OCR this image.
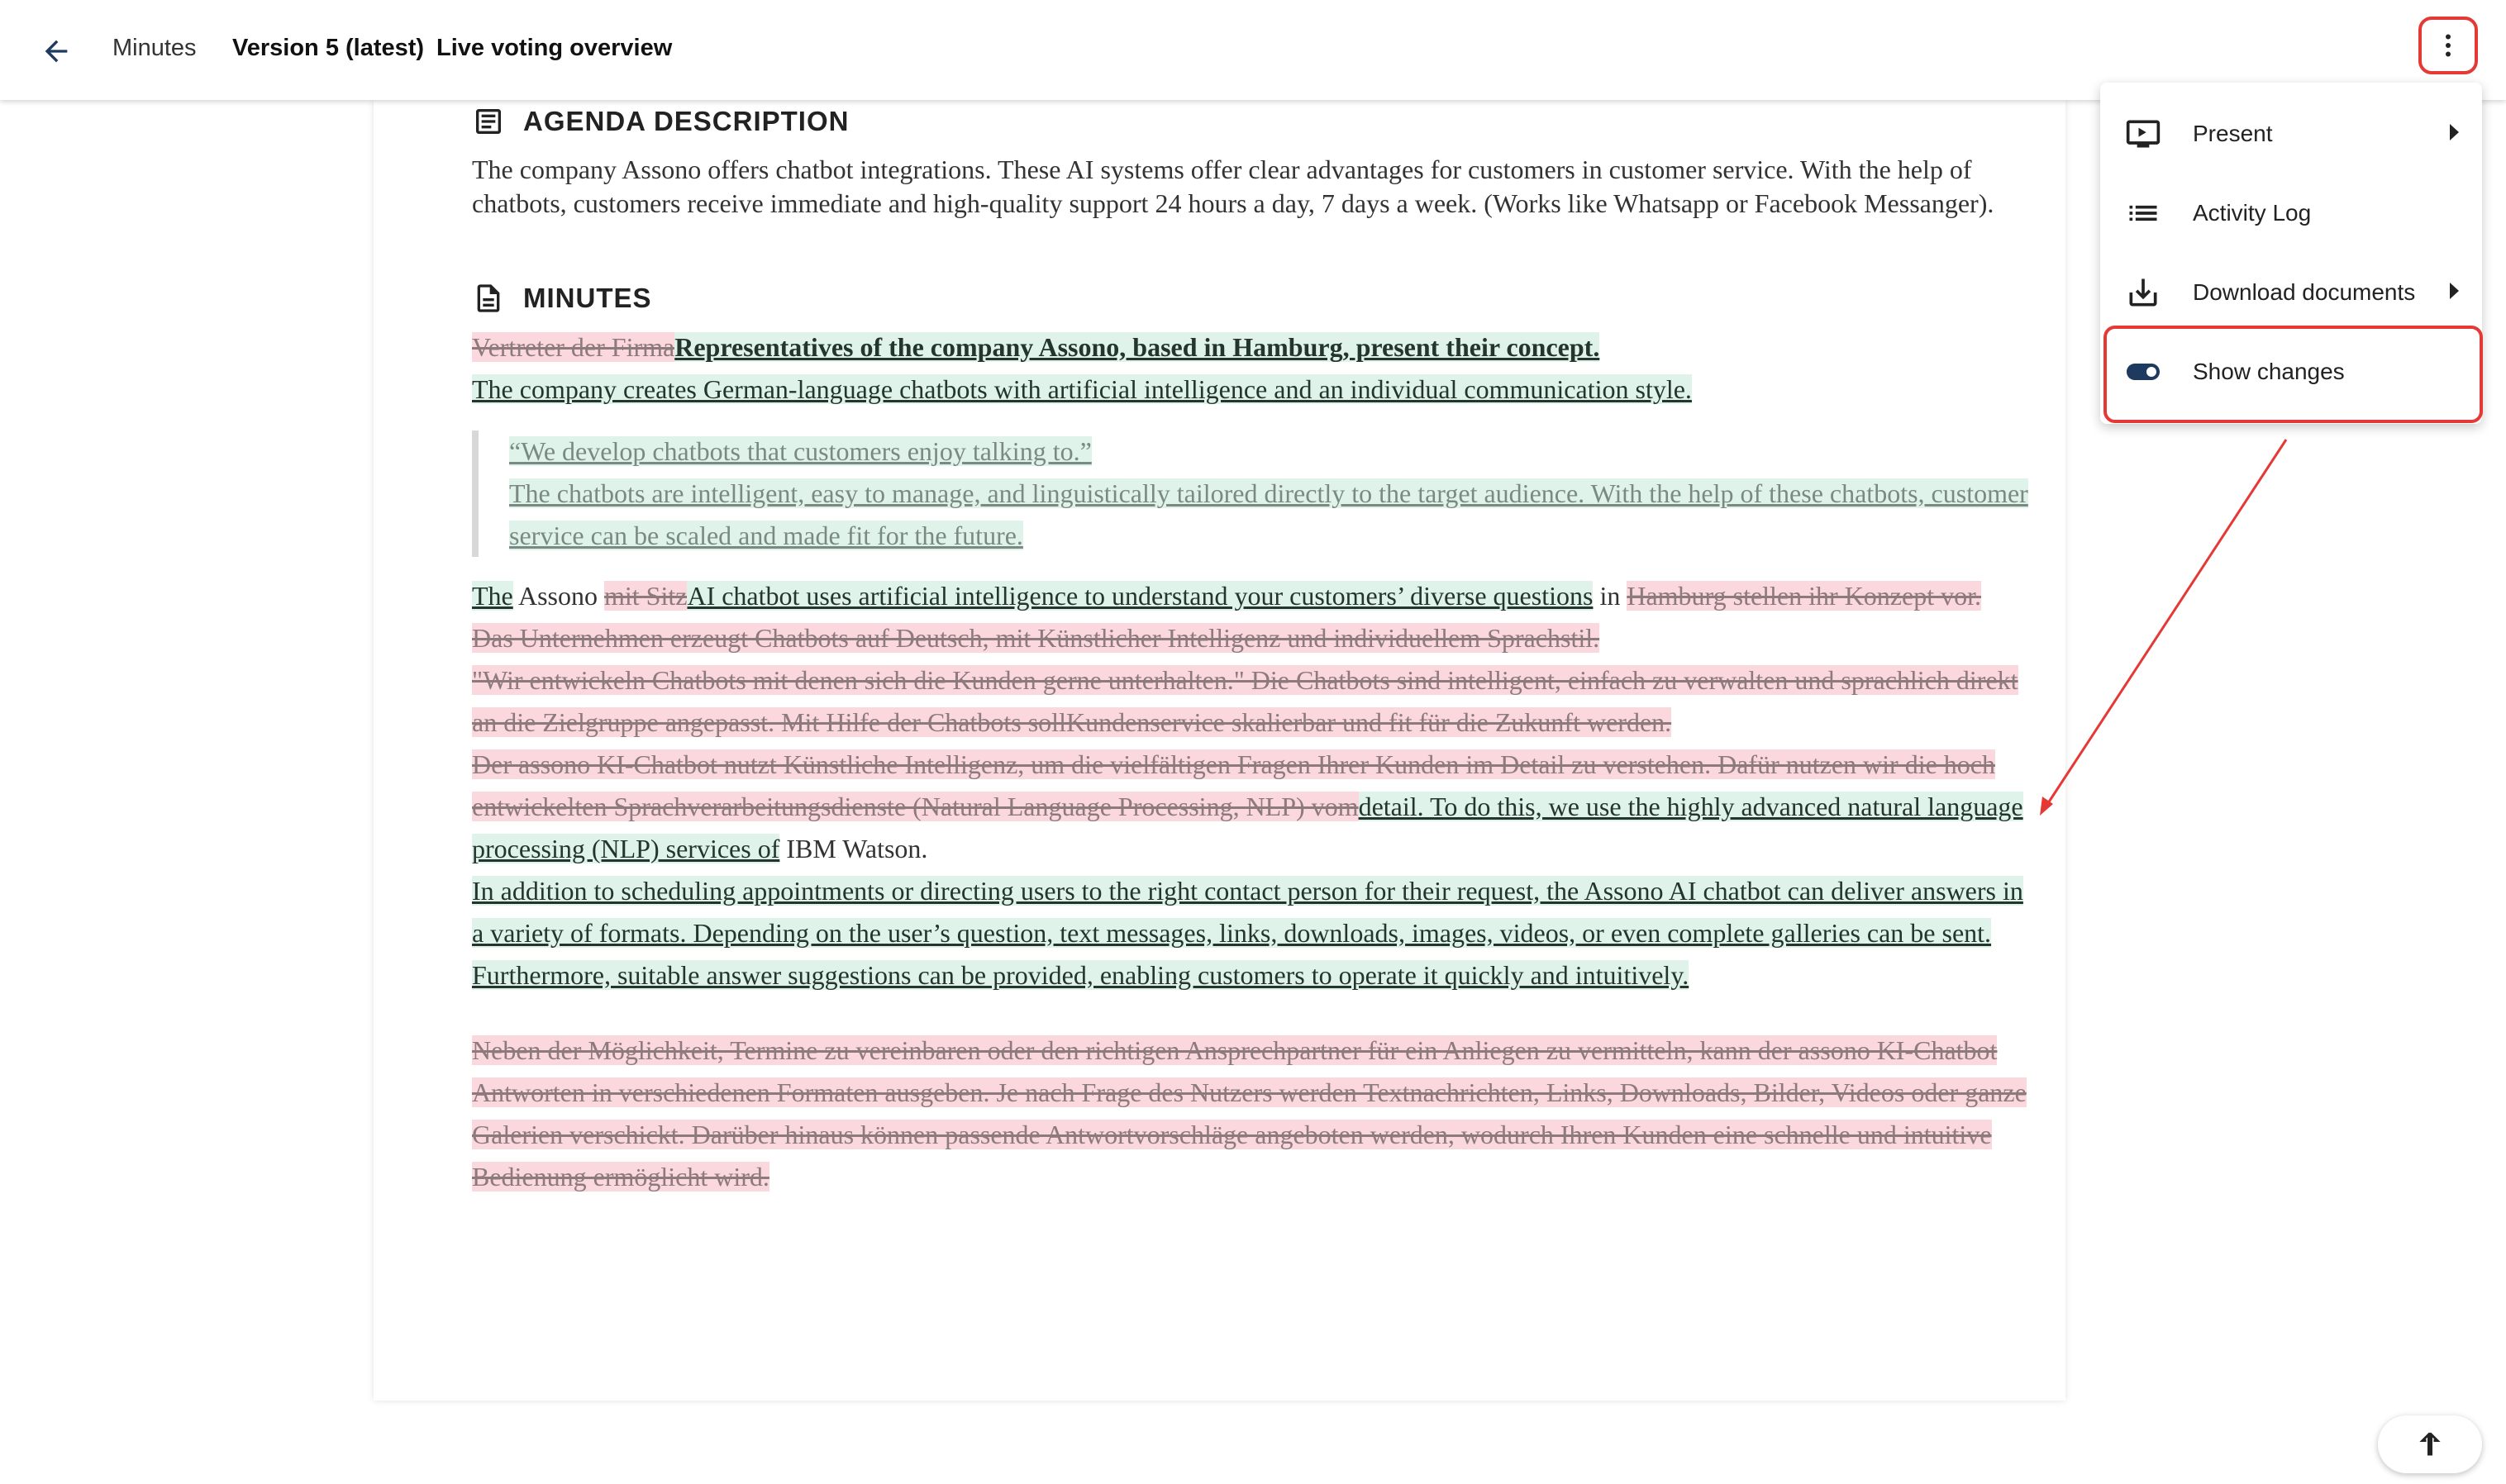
Minutes Version 5 (latest) Live voting overview
AGENDA DESCRIPTION

The company Assono offers chatbot integrations. These AI systems offer clear advantages for customers in customer service. With the help of chatbots, customers receive immediate and high-quality support 24 hours a day, 7 days a week. (Works like Whatsapp or Facebook Messanger).

MINUTES

Vertreter der FirmaRepresentatives of the company Assono, based in Hamburg, present their concept.

The company creates German-language chatbots with artificial intelligence and an individual communication style.

“We develop chatbots that customers enjoy talking to.”
The chatbots are intelligent, easy to manage, and linguistically tailored directly to the target audience. With the help of these chatbots, customer service can be scaled and made fit for the future.

The Assono mit SitzAI chatbot uses artificial intelligence to understand your customers’ diverse questions in Hamburg stellen ihr Konzept vor.
Das Unternehmen erzeugt Chatbots auf Deutsch, mit Künstlicher Intelligenz und individuellem Sprachstil.
"Wir entwickeln Chatbots mit denen sich die Kunden gerne unterhalten." Die Chatbots sind intelligent, einfach zu verwalten und sprachlich direkt an die Zielgruppe angepasst. Mit Hilfe der Chatbots sollKundenservice skalierbar und fit für die Zukunft werden.
Der assono KI-Chatbot nutzt Künstliche Intelligenz, um die vielfältigen Fragen Ihrer Kunden im Detail zu verstehen. Dafür nutzen wir die hoch entwickelten Sprachverarbeitungsdienste (Natural Language Processing, NLP) vomdetail. To do this, we use the highly advanced natural language processing (NLP) services of IBM Watson.
In addition to scheduling appointments or directing users to the right contact person for their request, the Assono AI chatbot can deliver answers in a variety of formats. Depending on the user’s question, text messages, links, downloads, images, videos, or even complete galleries can be sent. Furthermore, suitable answer suggestions can be provided, enabling customers to operate it quickly and intuitively.

Neben der Möglichkeit, Termine zu vereinbaren oder den richtigen Ansprechpartner für ein Anliegen zu vermitteln, kann der assono KI-Chatbot Antworten in verschiedenen Formaten ausgeben. Je nach Frage des Nutzers werden Textnachrichten, Links, Downloads, Bilder, Videos oder ganze Galerien verschickt. Darüber hinaus können passende Antwortvorschläge angeboten werden, wodurch Ihren Kunden eine schnelle und intuitive Bedienung ermöglicht wird.

Present
Activity Log
Download documents
Show changes
